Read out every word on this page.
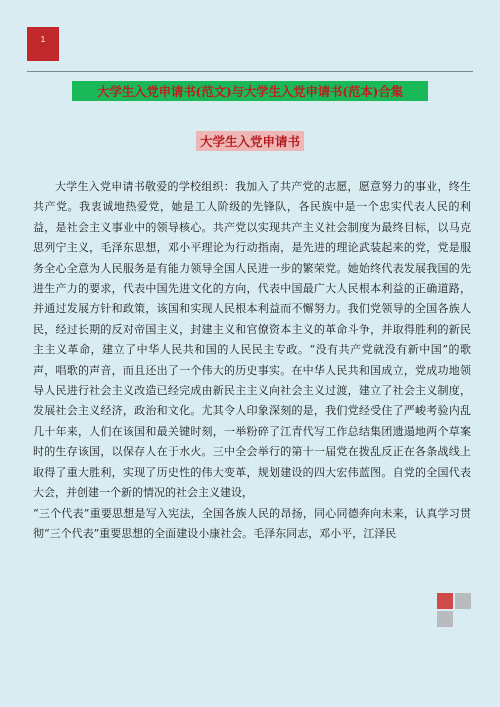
1
大学生入党申请书(范文)与大学生入党申请书(范本)合集
大学生入党申请书

大学生入党申请书敬爱的学校组织：我加入了共产党的志愿，愿意努力的事业，终生共产党。我衷诚地热爱党，她是工人阶级的先锋队，各民族中是一个忠实代表人民的利益，是社会主义事业中的领导核心。共产党以实现共产主义社会制度为最终目标，以马克思列宁主义，毛泽东思想，邓小平理论为行动指南，是先进的理论武装起来的党，党是服务全心全意为人民服务是有能力领导全国人民进一步的繁荣党。她始终代表发展我国的先进生产力的要求，代表中国先进文化的方向，代表中国最广大人民根本利益的正确道路，并通过发展方针和政策，该国和实现人民根本利益而不懈努力。我们党领导的全国各族人民，经过长期的反对帝国主义，封建主义和官僚资本主义的革命斗争，并取得胜利的新民主主义革命，建立了中华人民共和国的人民民主专政。“没有共产党就没有新中国”的歌声，唱歌的声音，而且还出了一个伟大的历史事实。在中华人民共和国成立，党成功地领导人民进行社会主义改造已经完成由新民主主义向社会主义过渡，建立了社会主义制度，发展社会主义经济，政治和文化。尤其令人印象深刻的是，我们党经受住了严峻考验内乱几十年来，人们在该国和最关键时刻，一举粉碎了江青代写工作总结集团遗遢地两个草案时的生存该国，以保存人在于水火。三中全会举行的第十一届党在拨乱反正在各条战线上取得了重大胜利，实现了历史性的伟大变革，规划建设的四大宏伟蓝图。自党的全国代表大会，并创建一个新的情况的社会主义建设，

“三个代表”重要思想是写入宪法，全国各族人民的昂扬，同心同德奔向未来，认真学习贯彻“三个代表”重要思想的全面建设小康社会。毛泽东同志，邓小平，江泽民
